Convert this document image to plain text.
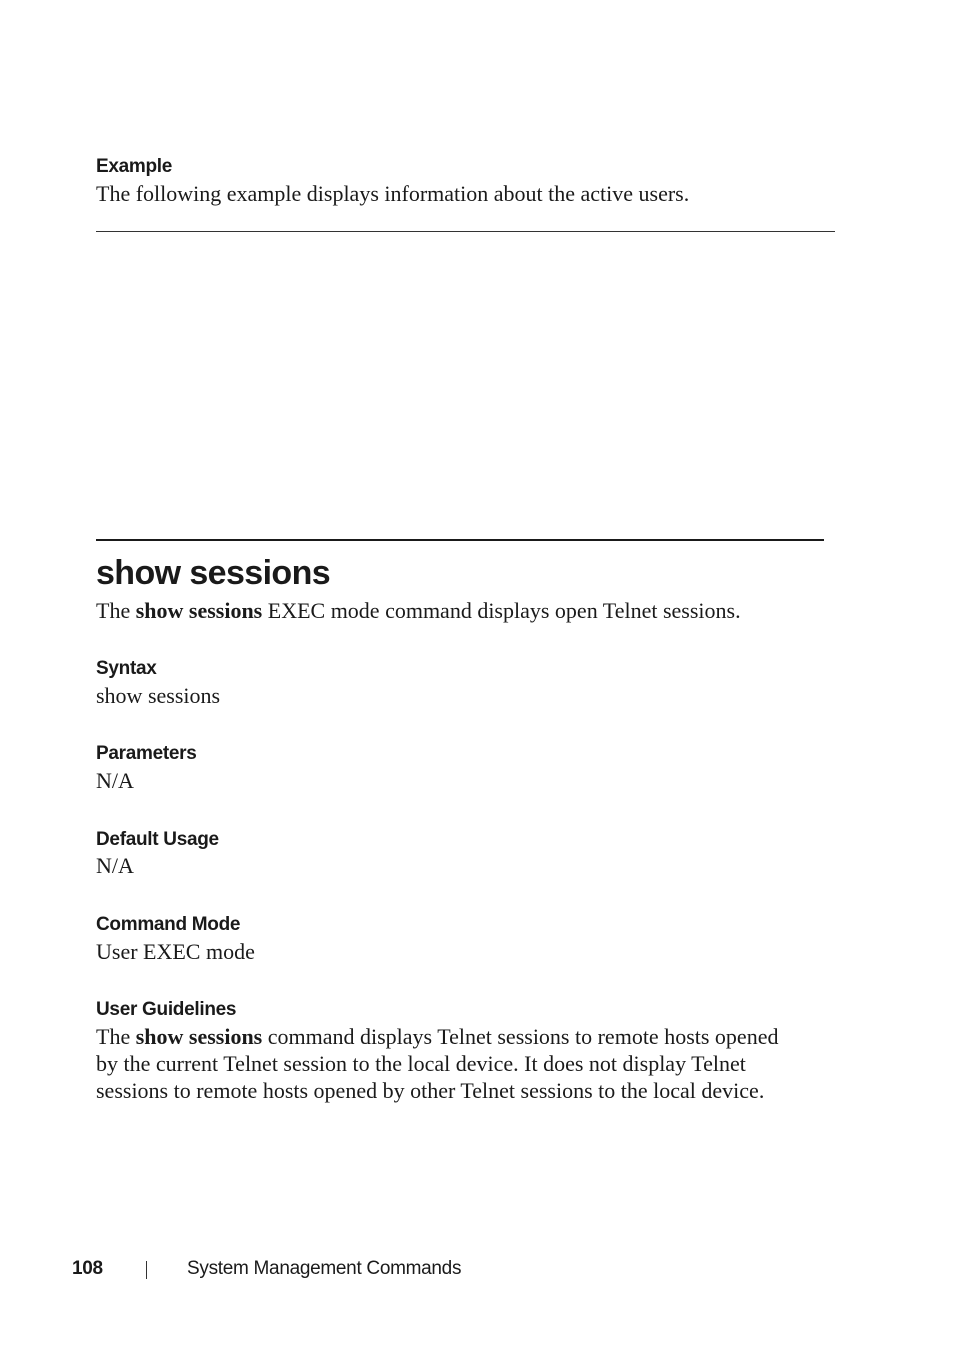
Example
The following example displays information about the active users.
show sessions
The show sessions EXEC mode command displays open Telnet sessions.
Syntax
show sessions
Parameters
N/A
Default Usage
N/A
Command Mode
User EXEC mode
User Guidelines
The show sessions command displays Telnet sessions to remote hosts opened
by the current Telnet session to the local device. It does not display Telnet
sessions to remote hosts opened by other Telnet sessions to the local device.
108	System Management Commands
